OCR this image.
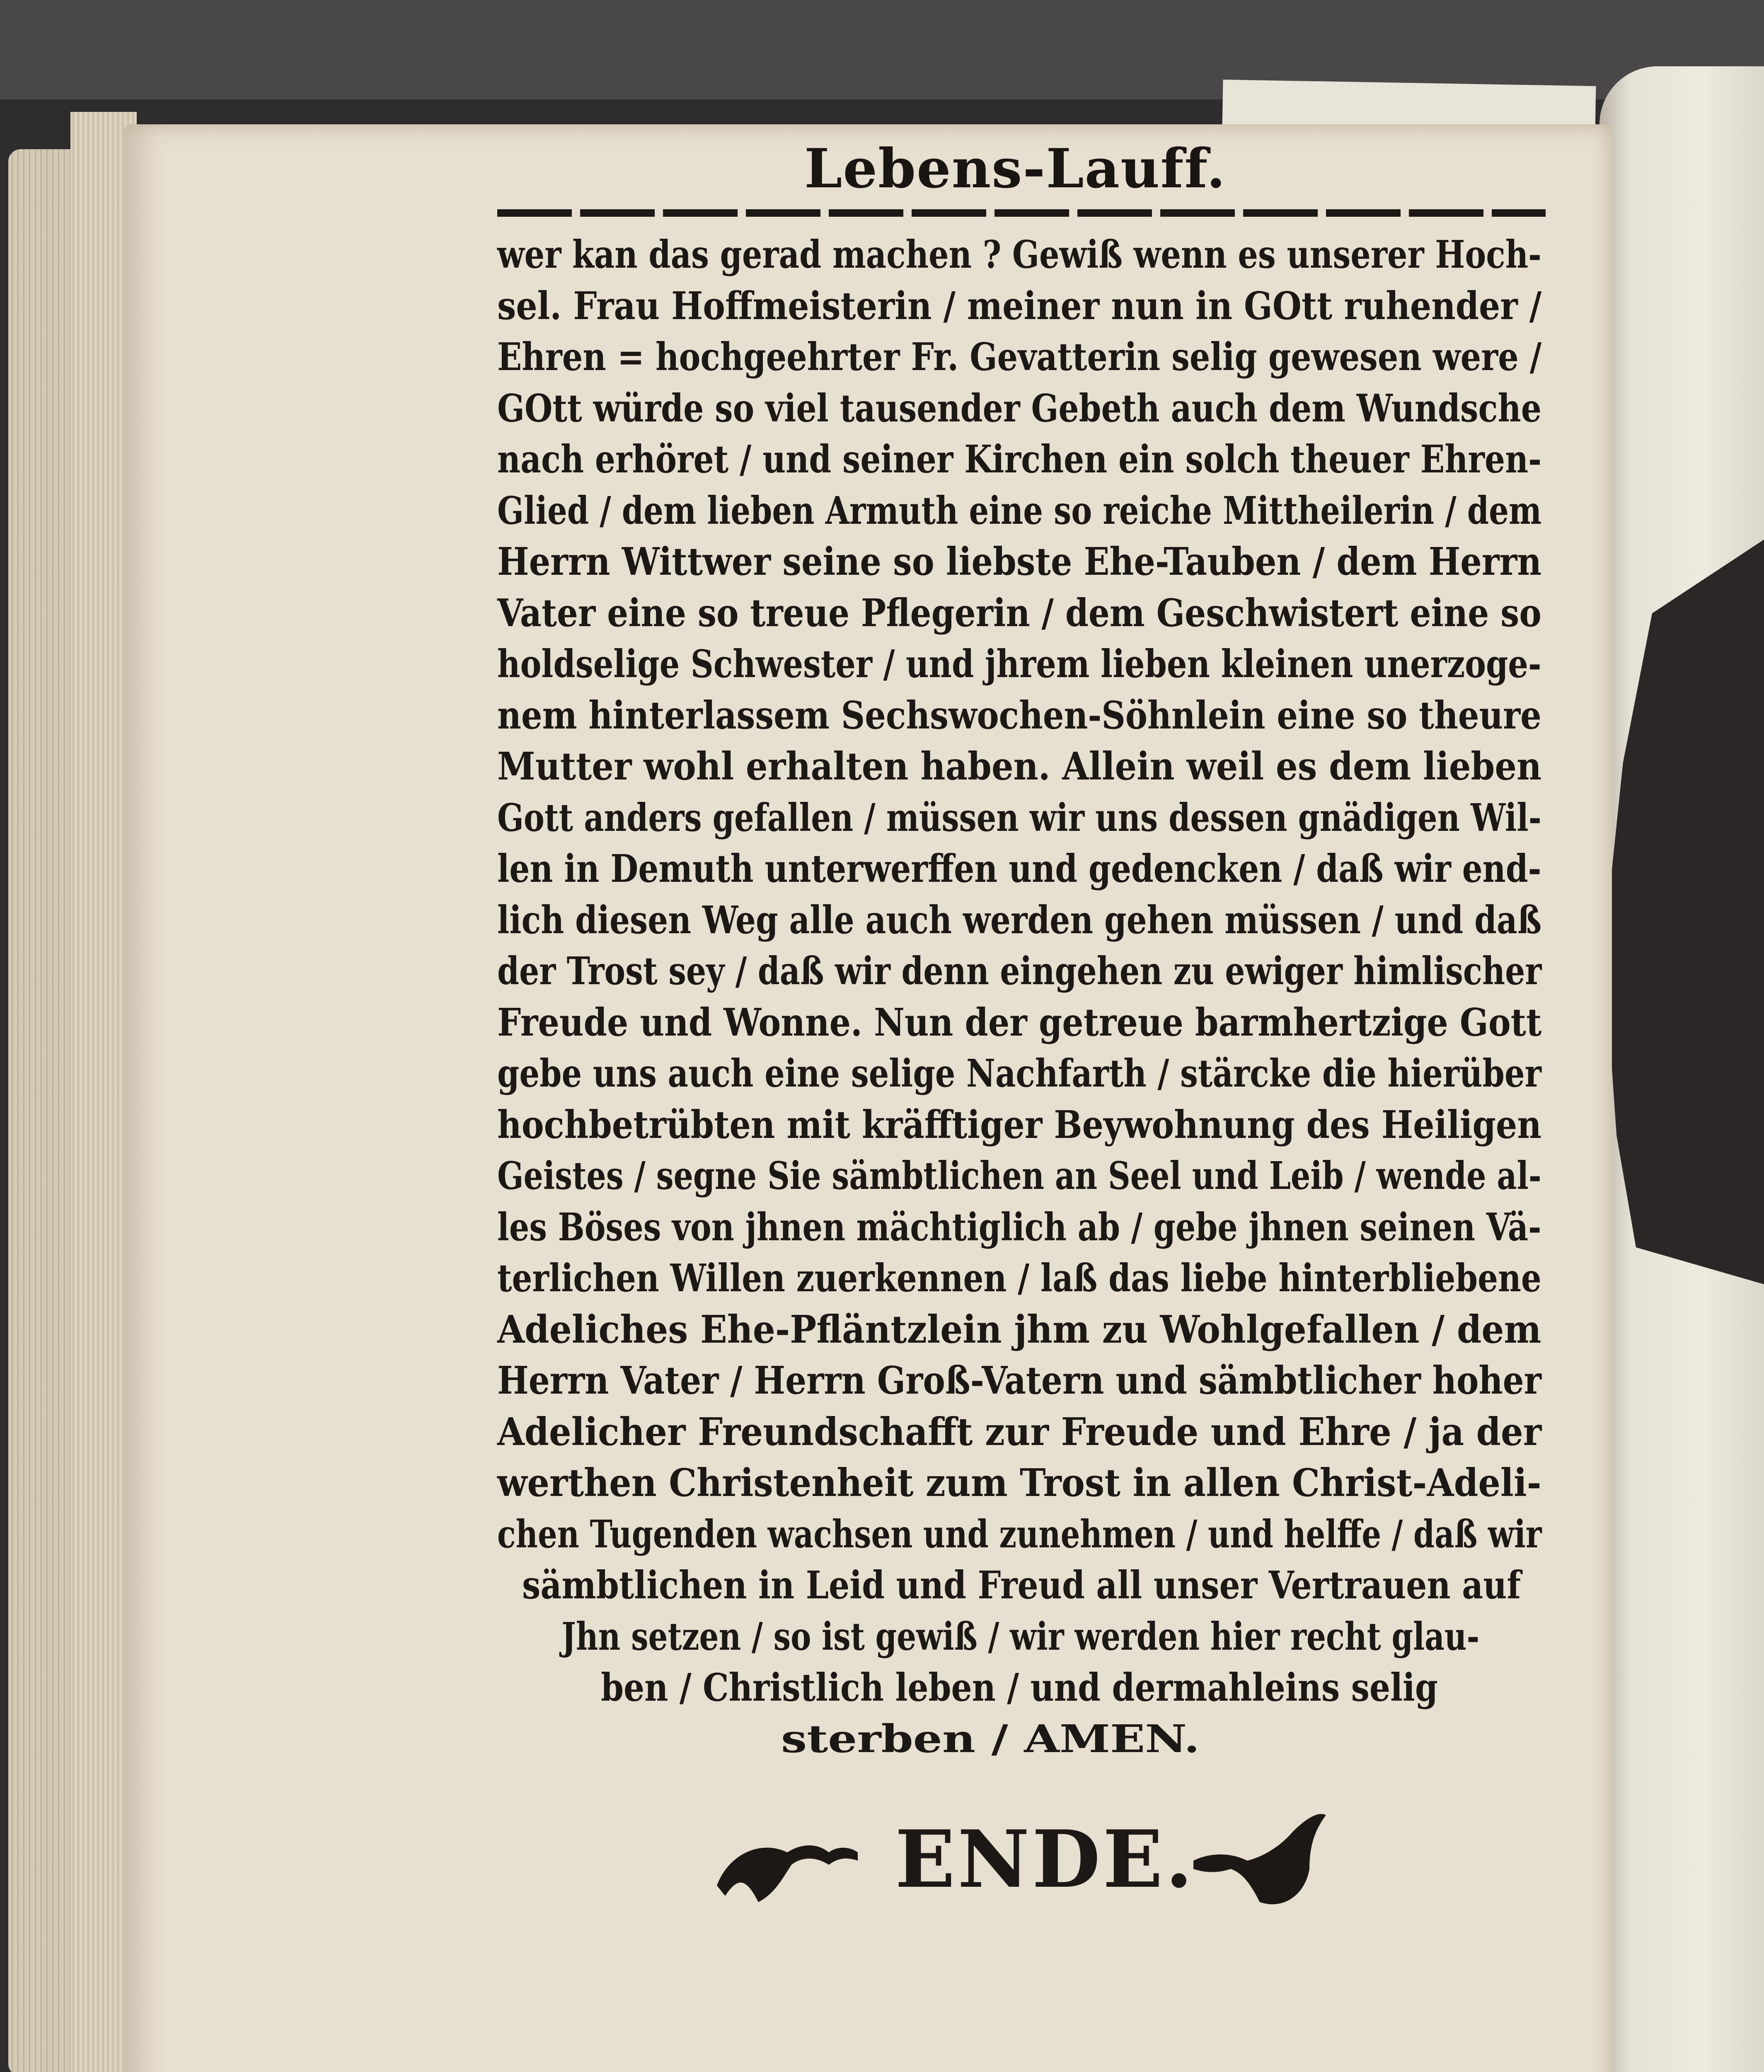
Lebens-Lauff.
wer kan das gerad machen ? Gewiß wenn es unserer Hoch-
sel. Frau Hoffmeisterin / meiner nun in GOtt ruhender /
Ehren = hochgeehrter Fr. Gevatterin selig gewesen were /
GOtt würde so viel tausender Gebeth auch dem Wundsche
nach erhöret / und seiner Kirchen ein solch theuer Ehren-
Glied / dem lieben Armuth eine so reiche Mittheilerin / dem
Herrn Wittwer seine so liebste Ehe-Tauben / dem Herrn
Vater eine so treue Pflegerin / dem Geschwistert eine so
holdselige Schwester / und jhrem lieben kleinen unerzoge-
nem hinterlassem Sechswochen-Söhnlein eine so theure
Mutter wohl erhalten haben. Allein weil es dem lieben
Gott anders gefallen / müssen wir uns dessen gnädigen Wil-
len in Demuth unterwerffen und gedencken / daß wir end-
lich diesen Weg alle auch werden gehen müssen / und daß
der Trost sey / daß wir denn eingehen zu ewiger himlischer
Freude und Wonne. Nun der getreue barmhertzige Gott
gebe uns auch eine selige Nachfarth / stärcke die hierüber
hochbetrübten mit kräfftiger Beywohnung des Heiligen
Geistes / segne Sie sämbtlichen an Seel und Leib / wende al-
les Böses von jhnen mächtiglich ab / gebe jhnen seinen Vä-
terlichen Willen zuerkennen / laß das liebe hinterbliebene
Adeliches Ehe-Pfläntzlein jhm zu Wohlgefallen / dem
Herrn Vater / Herrn Groß-Vatern und sämbtlicher hoher
Adelicher Freundschafft zur Freude und Ehre / ja der
werthen Christenheit zum Trost in allen Christ-Adeli-
chen Tugenden wachsen und zunehmen / und helffe / daß wir
sämbtlichen in Leid und Freud all unser Vertrauen auf
Jhn setzen / so ist gewiß / wir werden hier recht glau-
ben / Christlich leben / und dermahleins selig
sterben / AMEN.
ENDE.
